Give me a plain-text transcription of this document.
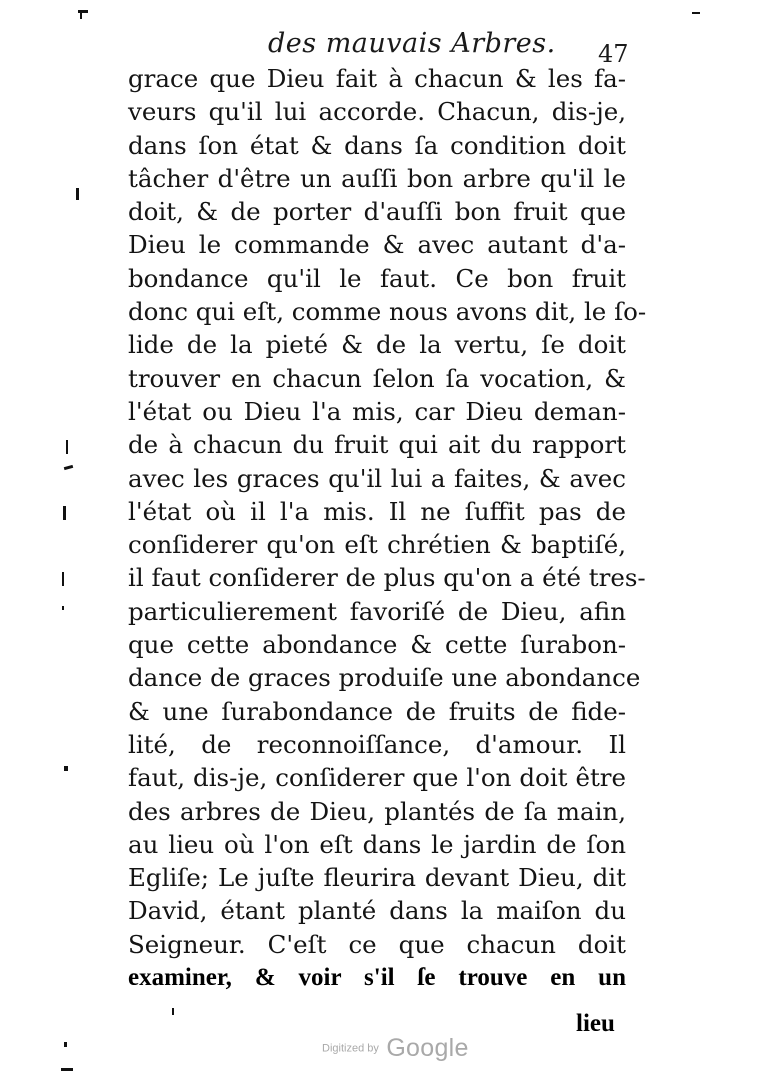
des mauvais Arbres. 47
grace que Dieu fait à chacun & les fa-
veurs qu'il lui accorde. Chacun, dis-je,
dans ſon état & dans ſa condition doit
tâcher d'être un auſſi bon arbre qu'il le
doit, & de porter d'auſſi bon fruit que
Dieu le commande & avec autant d'a-
bondance qu'il le faut. Ce bon fruit
donc qui eſt, comme nous avons dit, le ſo-
lide de la pieté & de la vertu, ſe doit
trouver en chacun ſelon ſa vocation, &
l'état ou Dieu l'a mis, car Dieu deman-
de à chacun du fruit qui ait du rapport
avec les graces qu'il lui a faites, & avec
l'état où il l'a mis. Il ne ſuffit pas de
conſiderer qu'on eſt chrétien & baptiſé,
il faut conſiderer de plus qu'on a été tres-
particulierement favoriſé de Dieu, afin
que cette abondance & cette ſurabon-
dance de graces produiſe une abondance
& une ſurabondance de fruits de fide-
lité, de reconnoiſſance, d'amour. Il
faut, dis-je, conſiderer que l'on doit être
des arbres de Dieu, plantés de ſa main,
au lieu où l'on eſt dans le jardin de ſon
Egliſe; Le juſte fleurira devant Dieu, dit
David, étant planté dans la maiſon du
Seigneur. C'eſt ce que chacun doit
examiner, & voir s'il ſe trouve en un
lieu
Digitized by Google
